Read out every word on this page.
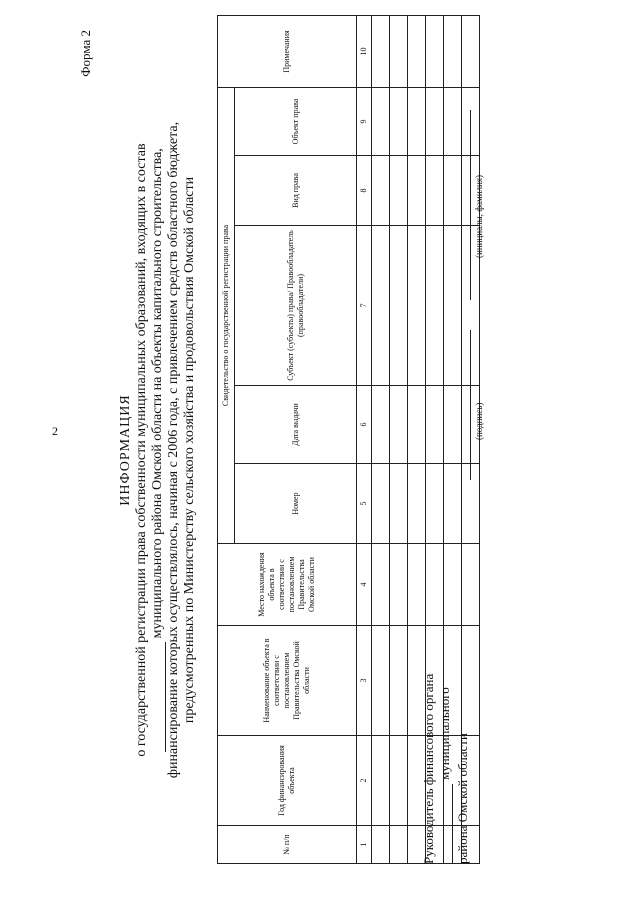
2
Форма 2
ИНФОРМАЦИЯ о государственной регистрации права собственности муниципальных образований, входящих в состав муниципального района Омской области на объекты капитального строительства, финансирование которых осуществлялось, начиная с 2006 года, с привлечением средств областного бюджета, предусмотренных по Министерству сельского хозяйства и продовольствия Омской области
№ п/п	Год финансирования объекта	Наименование объекта в соответствии с постановлением Правительства Омской области	Место нахождения объекта в соответствии с постановлением Правительства Омской области	Свидетельство о государственной регистрации права					Примечания
				Номер	Дата выдачи	Субъект (субъекты) права/ Правообладатель (правообладатели)	Вид права	Объект права	
1	2	3	4	5	6	7	8	9	10

Руководитель финансового органа муниципального района Омской области
(подпись)
(инициалы, фамилия)
